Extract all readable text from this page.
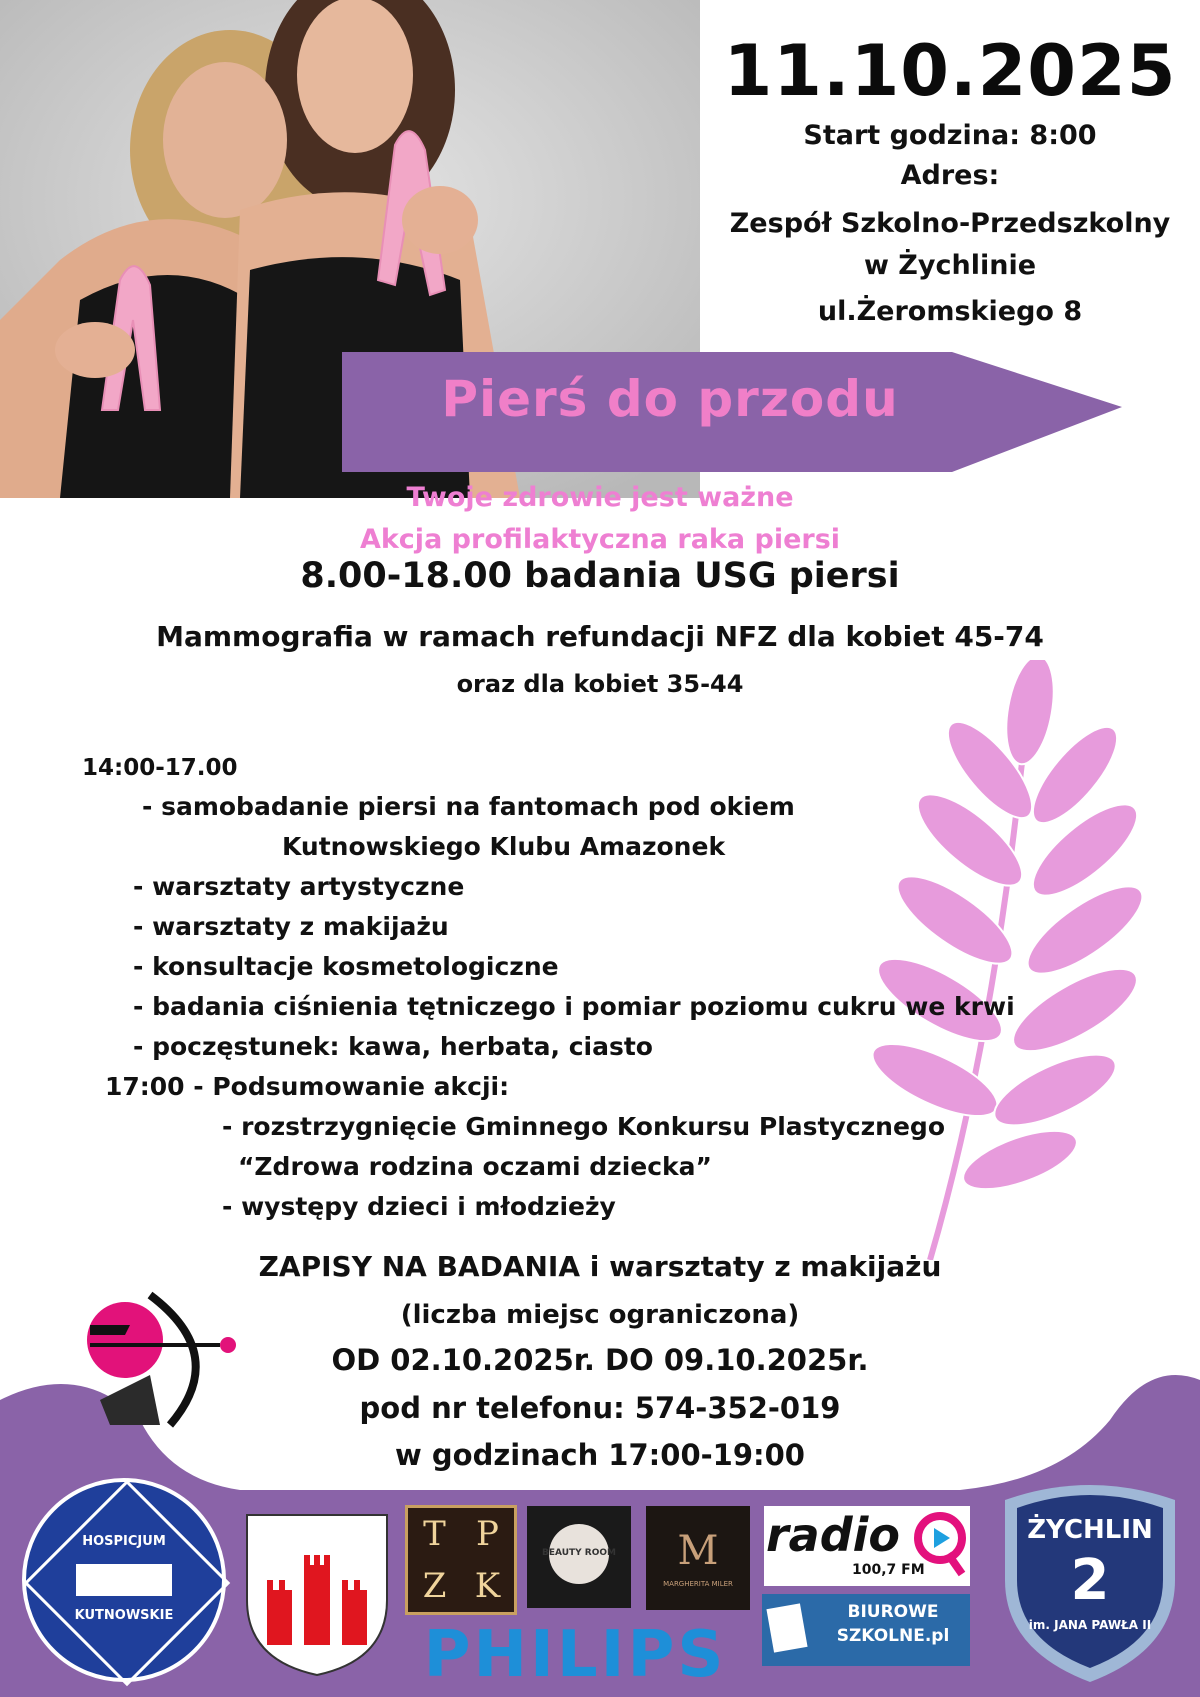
11.10.2025
Start godzina: 8:00
Adres:
Zespół Szkolno-Przedszkolny
w Żychlinie
ul.Żeromskiego 8
Pierś do przodu
Twoje zdrowie jest ważne
Akcja profilaktyczna raka piersi
8.00-18.00 badania USG piersi
Mammografia w ramach refundacji NFZ dla kobiet 45-74
oraz dla kobiet 35-44
14:00-17.00
- samobadanie piersi na fantomach pod okiem
Kutnowskiego Klubu Amazonek
- warsztaty artystyczne
- warsztaty z makijażu
- konsultacje kosmetologiczne
- badania ciśnienia tętniczego i pomiar poziomu cukru we krwi
- poczęstunek: kawa, herbata, ciasto
17:00 - Podsumowanie akcji:
- rozstrzygnięcie Gminnego Konkursu Plastycznego
“Zdrowa rodzina oczami dziecka”
- występy dzieci i młodzieży
ZAPISY NA BADANIA i warsztaty z makijażu
(liczba miejsc ograniczona)
OD 02.10.2025r. DO 09.10.2025r.
pod nr telefonu: 574-352-019
w godzinach 17:00-19:00
HOSPICJUM
KUTNOWSKIE
T P
Z K
BEAUTY ROOM	M
MARGHERITA MILER
radio
100,7 FM
BIUROWE
SZKOLNE.pl
PHILIPS
ŻYCHLIN
2
im. JANA PAWŁA II
